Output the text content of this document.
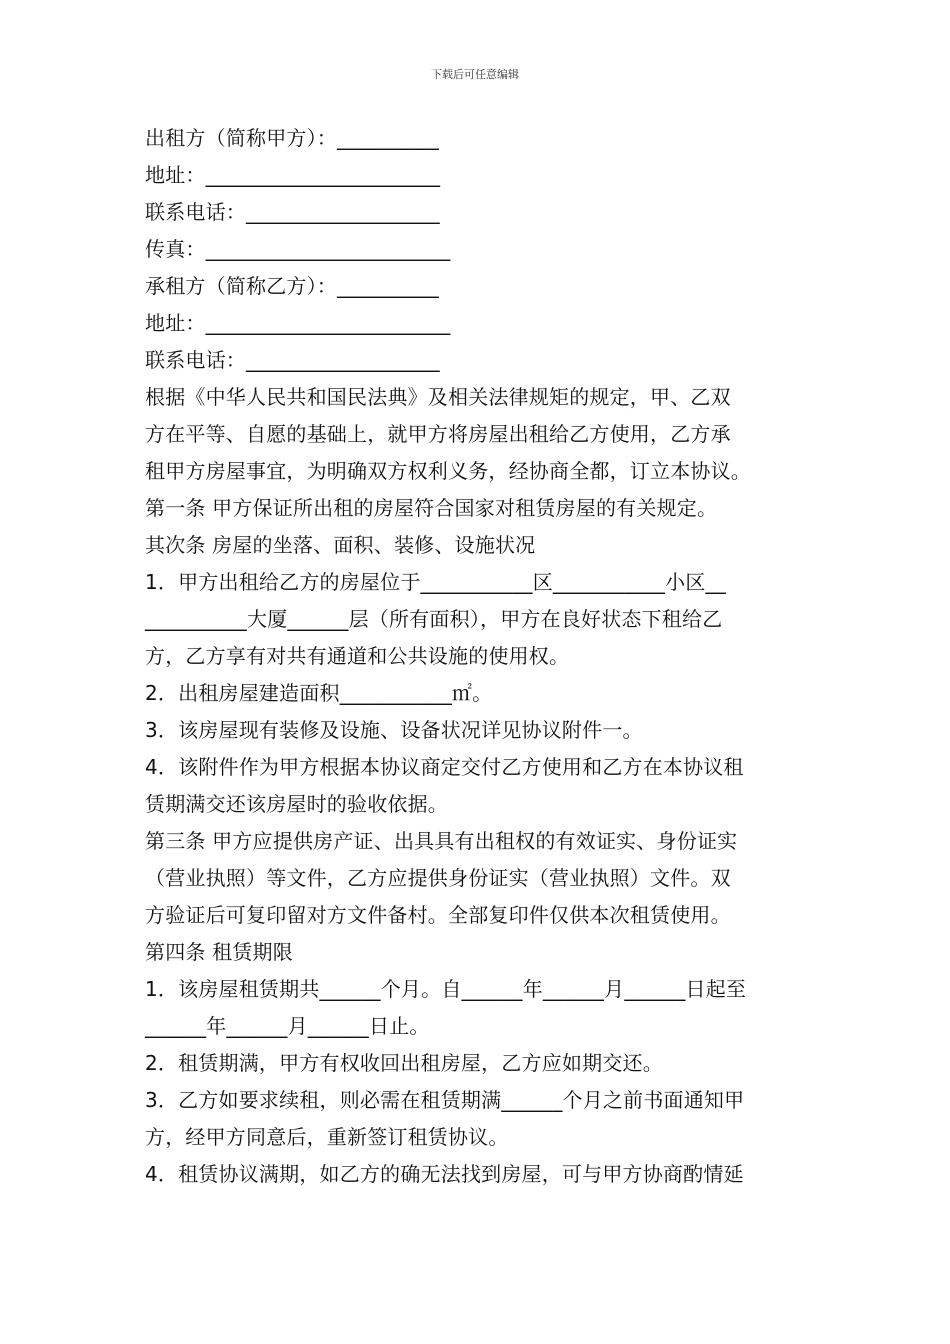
下载后可任意编辑
出租方（简称甲方）：__________
地址：_______________________
联系电话：___________________
传真：________________________
承租方（简称乙方）：__________
地址：________________________
联系电话：___________________
根据《中华人民共和国民法典》及相关法律规矩的规定，甲、乙双
方在平等、自愿的基础上，就甲方将房屋出租给乙方使用，乙方承
租甲方房屋事宜，为明确双方权利义务，经协商全都，订立本协议。
第一条 甲方保证所出租的房屋符合国家对租赁房屋的有关规定。
其次条 房屋的坐落、面积、装修、设施状况
1．甲方出租给乙方的房屋位于___________区___________小区__
__________大厦______层（所有面积），甲方在良好状态下租给乙
方，乙方享有对共有通道和公共设施的使用权。
2．出租房屋建造面积___________㎡。
3．该房屋现有装修及设施、设备状况详见协议附件一。
4．该附件作为甲方根据本协议商定交付乙方使用和乙方在本协议租
赁期满交还该房屋时的验收依据。
第三条 甲方应提供房产证、出具具有出租权的有效证实、身份证实
（营业执照）等文件，乙方应提供身份证实（营业执照）文件。双
方验证后可复印留对方文件备村。全部复印件仅供本次租赁使用。
第四条 租赁期限
1．该房屋租赁期共______个月。自______年______月______日起至
______年______月______日止。
2．租赁期满，甲方有权收回出租房屋，乙方应如期交还。
3．乙方如要求续租，则必需在租赁期满______个月之前书面通知甲
方，经甲方同意后，重新签订租赁协议。
4．租赁协议满期，如乙方的确无法找到房屋，可与甲方协商酌情延
